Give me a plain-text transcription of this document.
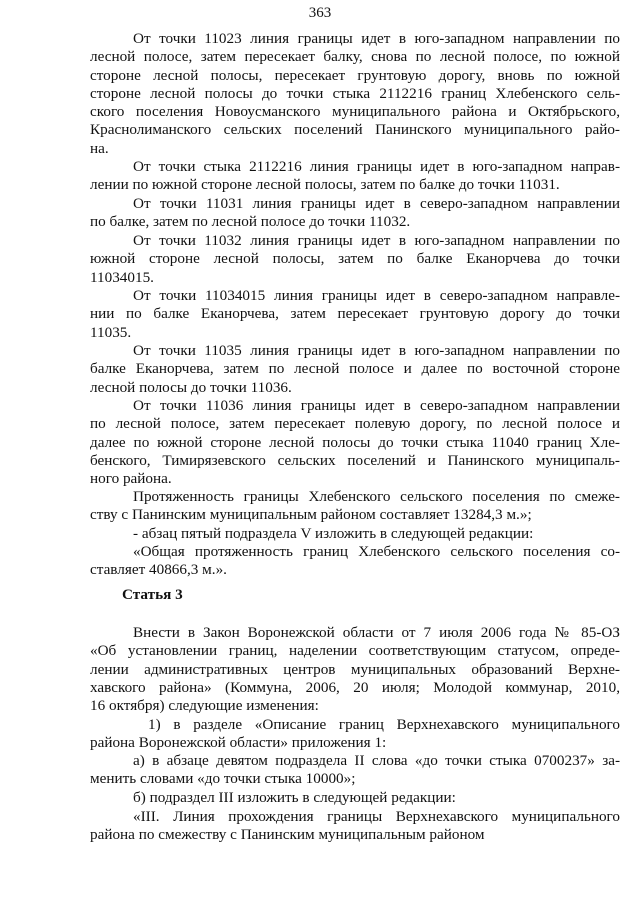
363
От точки 11023 линия границы идет в юго-западном направлении по
лесной полосе, затем пересекает балку, снова по лесной полосе, по южной
стороне лесной полосы, пересекает грунтовую дорогу, вновь по южной
стороне лесной полосы до точки стыка 2112216 границ Хлебенского сель-
ского поселения Новоусманского муниципального района и Октябрьского,
Краснолиманского сельских поселений Панинского муниципального райо-
на.
От точки стыка 2112216 линия границы идет в юго-западном направ-
лении по южной стороне лесной полосы, затем по балке до точки 11031.
От точки 11031 линия границы идет в северо-западном направлении
по балке, затем по лесной полосе до точки 11032.
От точки 11032 линия границы идет в юго-западном направлении по
южной стороне лесной полосы, затем по балке Еканорчева до точки
11034015.
От точки 11034015 линия границы идет в северо-западном направле-
нии по балке Еканорчева, затем пересекает грунтовую дорогу до точки
11035.
От точки 11035 линия границы идет в юго-западном направлении по
балке Еканорчева, затем по лесной полосе и далее по восточной стороне
лесной полосы до точки 11036.
От точки 11036 линия границы идет в северо-западном направлении
по лесной полосе, затем пересекает полевую дорогу, по лесной полосе и
далее по южной стороне лесной полосы до точки стыка 11040 границ Хле-
бенского, Тимирязевского сельских поселений и Панинского муниципаль-
ного района.
Протяженность границы Хлебенского сельского поселения по смеже-
ству с Панинским муниципальным районом составляет 13284,3 м.»;
- абзац пятый подраздела V изложить в следующей редакции:
«Общая протяженность границ Хлебенского сельского поселения со-
ставляет 40866,3 м.».
Статья 3
Внести в Закон Воронежской области от 7 июля 2006 года № 85-ОЗ
«Об установлении границ, наделении соответствующим статусом, опреде-
лении административных центров муниципальных образований Верхне-
хавского района» (Коммуна, 2006, 20 июля; Молодой коммунар, 2010,
16 октября) следующие изменения:
1) в разделе «Описание границ Верхнехавского муниципального
района Воронежской области» приложения 1:
а) в абзаце девятом подраздела II слова «до точки стыка 0700237» за-
менить словами «до точки стыка 10000»;
б) подраздел III изложить в следующей редакции:
«III. Линия прохождения границы Верхнехавского муниципального
района по смежеству с Панинским муниципальным районом
